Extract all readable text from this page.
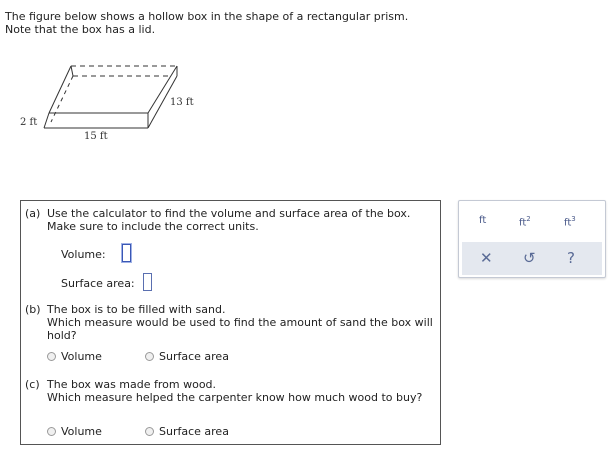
The figure below shows a hollow box in the shape of a rectangular prism.
Note that the box has a lid.
2 ft
13 ft
15 ft
(a) Use the calculator to find the volume and surface area of the box.
Make sure to include the correct units.
Volume:
Surface area:
(b) The box is to be filled with sand.
Which measure would be used to find the amount of sand the box will
hold?
Volume	Surface area
(c) The box was made from wood.
Which measure helped the carpenter know how much wood to buy?
Volume	Surface area
ft	$ft^2$	$ft^3$
✕ ↺ ?
